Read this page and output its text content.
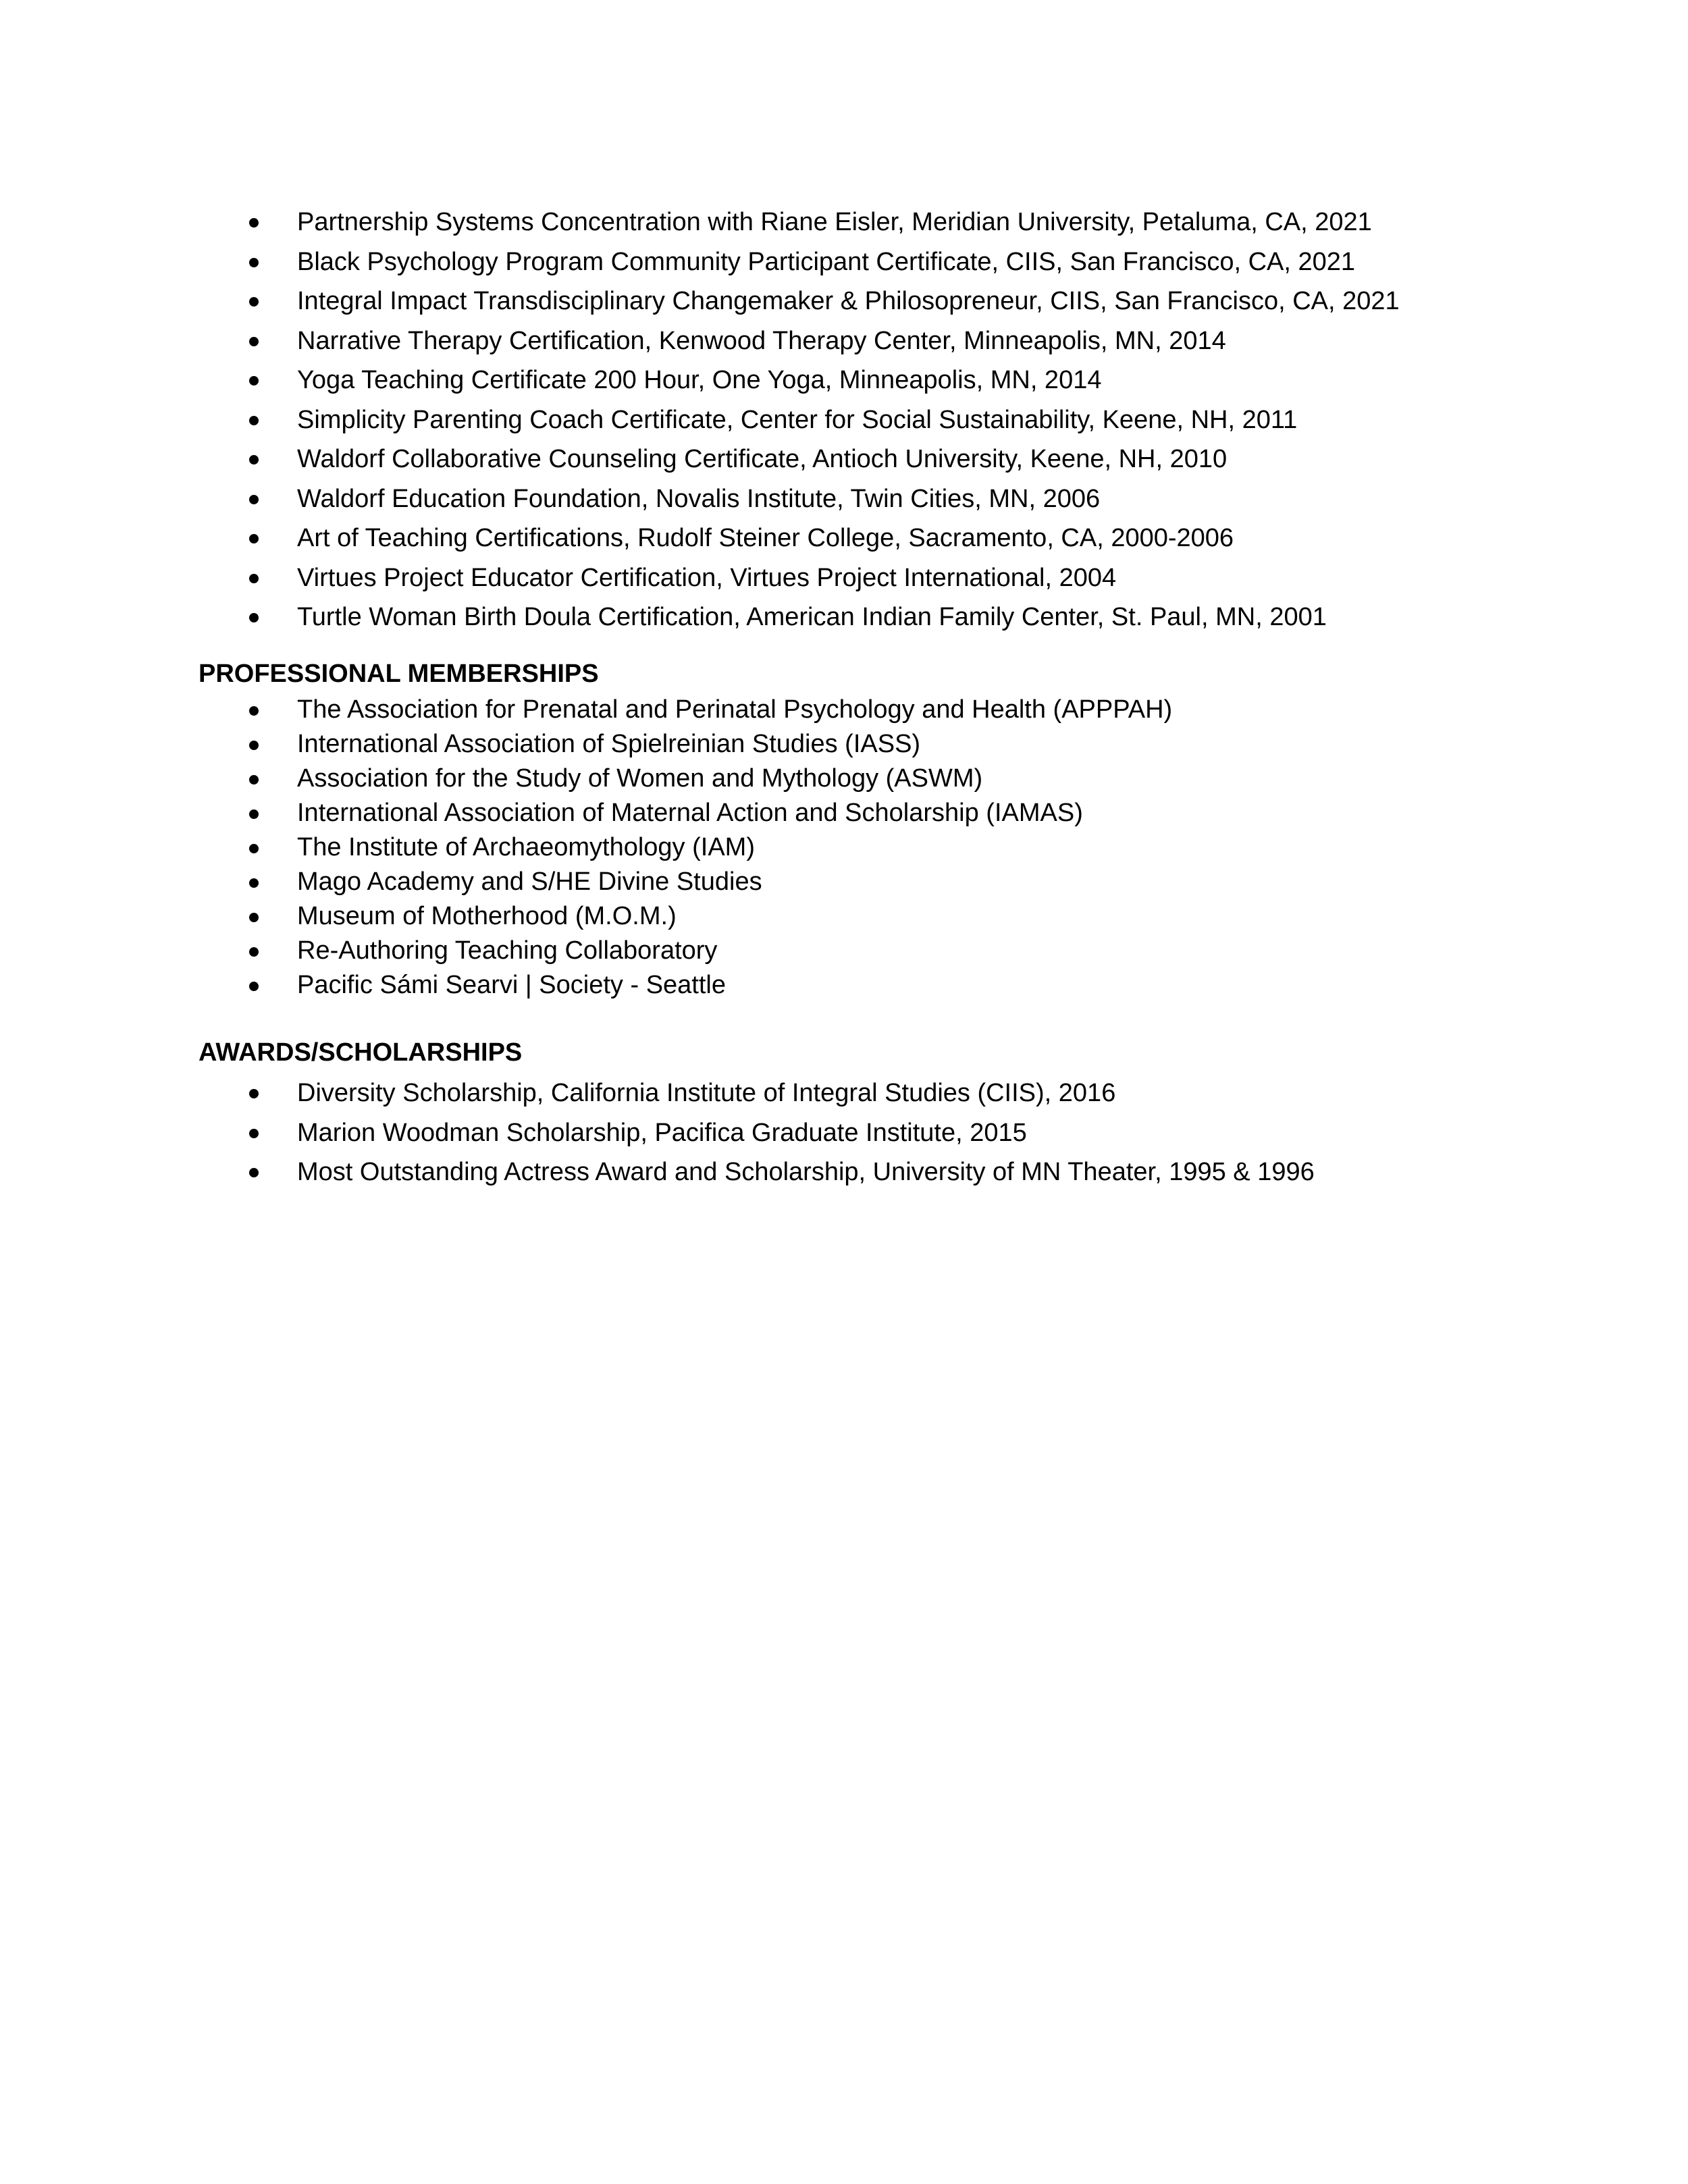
Partnership Systems Concentration with Riane Eisler, Meridian University, Petaluma, CA, 2021
Black Psychology Program Community Participant Certificate, CIIS, San Francisco, CA, 2021
Integral Impact Transdisciplinary Changemaker & Philosopreneur, CIIS, San Francisco, CA, 2021
Narrative Therapy Certification, Kenwood Therapy Center, Minneapolis, MN, 2014
Yoga Teaching Certificate 200 Hour, One Yoga, Minneapolis, MN, 2014
Simplicity Parenting Coach Certificate, Center for Social Sustainability, Keene, NH, 2011
Waldorf Collaborative Counseling Certificate, Antioch University, Keene, NH, 2010
Waldorf Education Foundation, Novalis Institute, Twin Cities, MN, 2006
Art of Teaching Certifications, Rudolf Steiner College, Sacramento, CA, 2000-2006
Virtues Project Educator Certification, Virtues Project International, 2004
Turtle Woman Birth Doula Certification, American Indian Family Center, St. Paul, MN, 2001
PROFESSIONAL MEMBERSHIPS
The Association for Prenatal and Perinatal Psychology and Health (APPPAH)
International Association of Spielreinian Studies (IASS)
Association for the Study of Women and Mythology (ASWM)
International Association of Maternal Action and Scholarship (IAMAS)
The Institute of Archaeomythology (IAM)
Mago Academy and S/HE Divine Studies
Museum of Motherhood (M.O.M.)
Re-Authoring Teaching Collaboratory
Pacific Sámi Searvi | Society - Seattle
AWARDS/SCHOLARSHIPS
Diversity Scholarship, California Institute of Integral Studies (CIIS), 2016
Marion Woodman Scholarship, Pacifica Graduate Institute, 2015
Most Outstanding Actress Award and Scholarship, University of MN Theater, 1995 & 1996
